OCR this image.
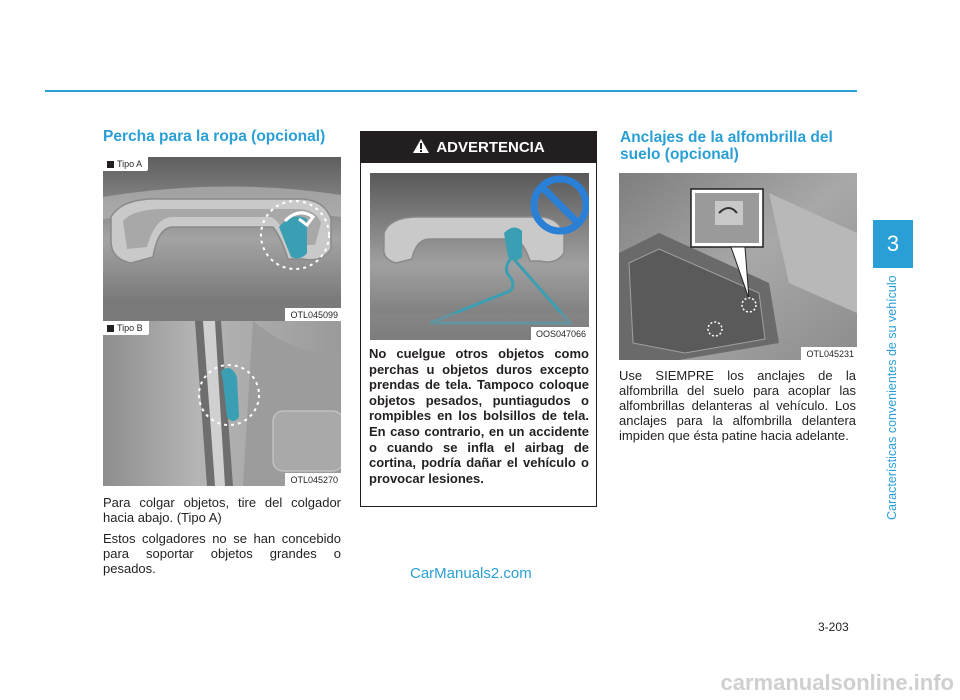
Percha para la ropa (opcional)
Tipo A
OTL045099
Tipo B
OTL045270

Para colgar objetos, tire del colgador hacia abajo. (Tipo A)

Estos colgadores no se han concebido para soportar objetos grandes o pesados.

ADVERTENCIA
OOS047066

No cuelgue otros objetos como perchas u objetos duros excepto prendas de tela. Tampoco coloque objetos pesados, puntiagudos o rompibles en los bolsillos de tela. En caso contrario, en un accidente o cuando se infla el airbag de cortina, podría dañar el vehículo o provocar lesiones.

Anclajes de la alfombrilla del suelo (opcional)
OTL045231

Use SIEMPRE los anclajes de la alfombrilla del suelo para acoplar las alfombrillas delanteras al vehículo. Los anclajes para la alfombrilla delantera impiden que ésta patine hacia adelante.

3
Características convenientes de su vehículo
CarManuals2.com
3-203
carmanualsonline.info
